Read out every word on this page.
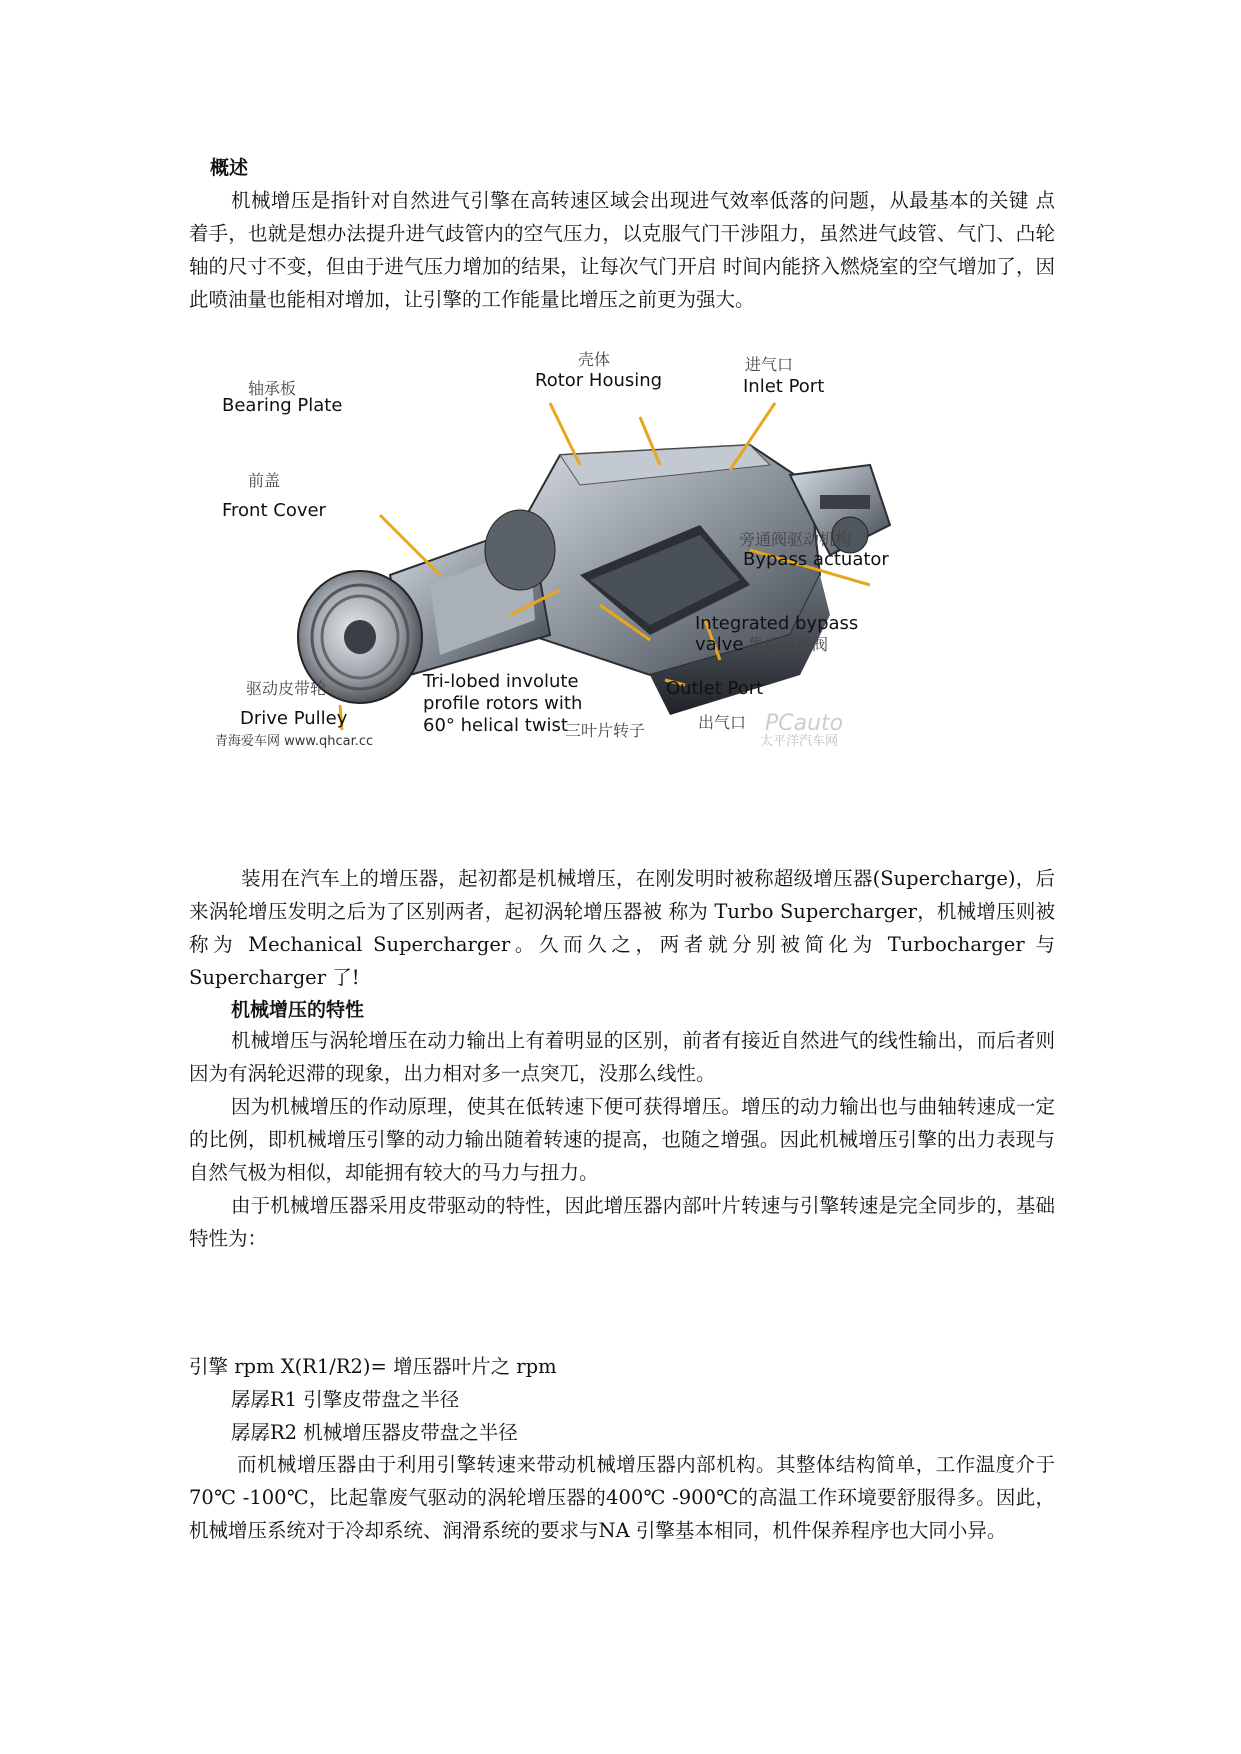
概述
机械增压是指针对自然进气引擎在高转速区域会出现进气效率低落的问题，从最基本的关键 点着手，也就是想办法提升进气歧管内的空气压力，以克服气门干涉阻力，虽然进气歧管、气门、凸轮轴的尺寸不变，但由于进气压力增加的结果，让每次气门开启 时间内能挤入燃烧室的空气增加了，因此喷油量也能相对增加，让引擎的工作能量比增压之前更为强大。
壳体
Rotor Housing
进气口
Inlet Port
轴承板
Bearing Plate
前盖
Front Cover
旁通阀驱动机构
Bypass actuator
Integrated bypass
valve 集成旁通阀
Outlet Port
出气口
Tri-lobed involute
profile rotors with
60° helical twist
三叶片转子
驱动皮带轮
Drive Pulley
青海爱车网 www.qhcar.cc
PCauto
太平洋汽车网
装用在汽车上的增压器，起初都是机械增压，在刚发明时被称超级增压器(Supercharge)，后来涡轮增压发明之后为了区别两者，起初涡轮增压器被 称为 Turbo Supercharger，机械增压则被称为 Mechanical Supercharger。久而久之，两者就分别被简化为 Turbocharger 与 Supercharger 了!
机械增压的特性
机械增压与涡轮增压在动力输出上有着明显的区别，前者有接近自然进气的线性输出，而后者则因为有涡轮迟滞的现象，出力相对多一点突兀，没那么线性。
因为机械增压的作动原理，使其在低转速下便可获得增压。增压的动力输出也与曲轴转速成一定的比例，即机械增压引擎的动力输出随着转速的提高，也随之增强。因此机械增压引擎的出力表现与自然气极为相似，却能拥有较大的马力与扭力。
由于机械增压器采用皮带驱动的特性，因此增压器内部叶片转速与引擎转速是完全同步的，基础特性为：
引擎 rpm X(R1/R2)= 增压器叶片之 rpm
孱孱R1 引擎皮带盘之半径
孱孱R2 机械增压器皮带盘之半径
而机械增压器由于利用引擎转速来带动机械增压器内部机构。其整体结构简单，工作温度介于70℃ -100℃，比起靠废气驱动的涡轮增压器的400℃ -900℃的高温工作环境要舒服得多。因此，机械增压系统对于冷却系统、润滑系统的要求与NA 引擎基本相同，机件保养程序也大同小异。
